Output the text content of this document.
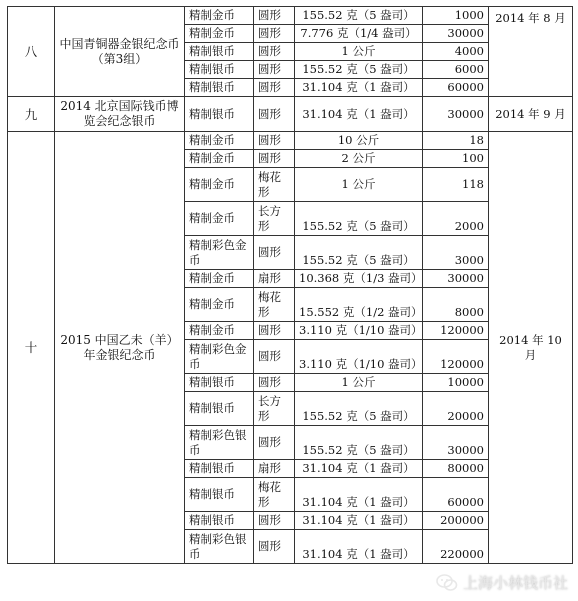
八	中国青铜器金银纪念币（第3组）	精制金币	圆形	155.52 克（5 盎司）	1000	2014 年 8 月
		精制金币	圆形	7.776 克（1/4 盎司）	30000	
		精制银币	圆形	1 公斤	4000	
		精制银币	圆形	155.52 克（5 盎司）	6000	
		精制银币	圆形	31.104 克（1 盎司）	60000	
九	2014 北京国际钱币博览会纪念银币	精制银币	圆形	31.104 克（1 盎司）	30000	2014 年 9 月
十	2015 中国乙未（羊）年金银纪念币	精制金币	圆形	10 公斤	18	2014 年 10 月
		精制金币	圆形	2 公斤	100	
		精制金币	梅花形	1 公斤	118	
		精制金币	长方形	155.52 克（5 盎司）	2000	
		精制彩色金币	圆形	155.52 克（5 盎司）	3000	
		精制金币	扇形	10.368 克（1/3 盎司）	30000	
		精制金币	梅花形	15.552 克（1/2 盎司）	8000	
		精制金币	圆形	3.110 克（1/10 盎司）	120000	
		精制彩色金币	圆形	3.110 克（1/10 盎司）	120000	
		精制银币	圆形	1 公斤	10000	
		精制银币	长方形	155.52 克（5 盎司）	20000	
		精制彩色银币	圆形	155.52 克（5 盎司）	30000	
		精制银币	扇形	31.104 克（1 盎司）	80000	
		精制银币	梅花形	31.104 克（1 盎司）	60000	
		精制银币	圆形	31.104 克（1 盎司）	200000	
		精制彩色银币	圆形	31.104 克（1 盎司）	220000	
上海小林钱币社
